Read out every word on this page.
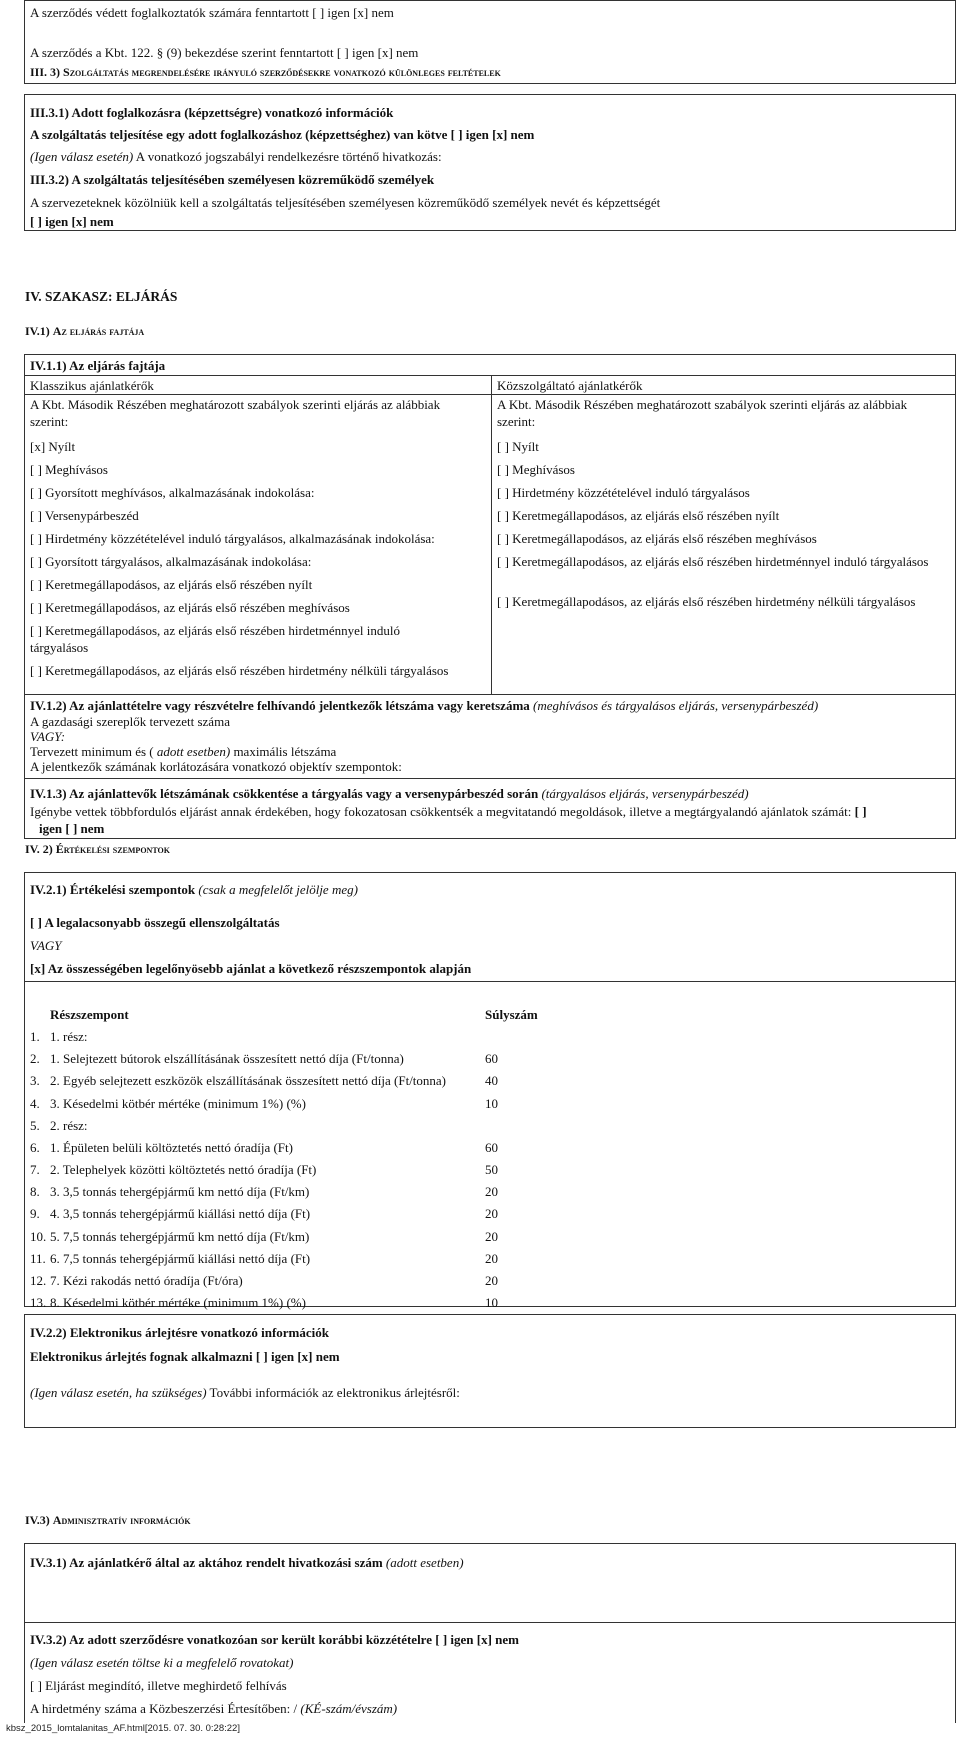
A szerződés védett foglalkoztatók számára fenntartott [ ] igen [x] nem
A szerződés a Kbt. 122. § (9) bekezdése szerint fenntartott [ ] igen [x] nem
III. 3) Szolgáltatás megrendelésére irányuló szerződésekre vonatkozó különleges feltételek
III.3.1) Adott foglalkozásra (képzettségre) vonatkozó információk
A szolgáltatás teljesítése egy adott foglalkozáshoz (képzettséghez) van kötve [ ] igen [x] nem
(Igen válasz esetén) A vonatkozó jogszabályi rendelkezésre történő hivatkozás:
III.3.2) A szolgáltatás teljesítésében személyesen közreműködő személyek
A szervezeteknek közölniük kell a szolgáltatás teljesítésében személyesen közreműködő személyek nevét és képzettségét
[ ] igen [x] nem
IV. SZAKASZ: ELJÁRÁS
IV.1) Az eljárás fajtája
IV.1.1) Az eljárás fajtája
Klasszikus ajánlatkérők
A Kbt. Második Részében meghatározott szabályok szerinti eljárás az alábbiak szerint:
[x] Nyílt
[ ] Meghívásos
[ ] Gyorsított meghívásos, alkalmazásának indokolása:
[ ] Versenypárbeszéd
[ ] Hirdetmény közzétételével induló tárgyalásos, alkalmazásának indokolása:
[ ] Gyorsított tárgyalásos, alkalmazásának indokolása:
[ ] Keretmegállapodásos, az eljárás első részében nyílt
[ ] Keretmegállapodásos, az eljárás első részében meghívásos
[ ] Keretmegállapodásos, az eljárás első részében hirdetménnyel induló tárgyalásos
[ ] Keretmegállapodásos, az eljárás első részében hirdetmény nélküli tárgyalásos
Közszolgáltató ajánlatkérők
A Kbt. Második Részében meghatározott szabályok szerinti eljárás az alábbiak szerint:
[ ] Nyílt
[ ] Meghívásos
[ ] Hirdetmény közzétételével induló tárgyalásos
[ ] Keretmegállapodásos, az eljárás első részében nyílt
[ ] Keretmegállapodásos, az eljárás első részében meghívásos
[ ] Keretmegállapodásos, az eljárás első részében hirdetménnyel induló tárgyalásos
[ ] Keretmegállapodásos, az eljárás első részében hirdetmény nélküli tárgyalásos
IV.1.2) Az ajánlattételre vagy részvételre felhívandó jelentkezők létszáma vagy keretszáma (meghívásos és tárgyalásos eljárás, versenypárbeszéd)
A gazdasági szereplők tervezett száma
VAGY:
Tervezett minimum és ( adott esetben) maximális létszáma
A jelentkezők számának korlátozására vonatkozó objektív szempontok:
IV.1.3) Az ajánlattevők létszámának csökkentése a tárgyalás vagy a versenypárbeszéd során (tárgyalásos eljárás, versenypárbeszéd)
Igénybe vettek többfordulós eljárást annak érdekében, hogy fokozatosan csökkentsék a megvitatandó megoldások, illetve a megtárgyalandó ajánlatok számát: [ ]
igen [ ] nem
IV. 2) Értékelési szempontok
IV.2.1) Értékelési szempontok (csak a megfelelőt jelölje meg)
[ ] A legalacsonyabb összegű ellenszolgáltatás
VAGY
[x] Az összességében legelőnyösebb ajánlat a következő részszempontok alapján
	Részszempont	Súlyszám
1.	1. rész:	
2.	1. Selejtezett bútorok elszállításának összesített nettó díja (Ft/tonna)	60
3.	2. Egyéb selejtezett eszközök elszállításának összesített nettó díja (Ft/tonna)	40
4.	3. Késedelmi kötbér mértéke (minimum 1%) (%)	10
5.	2. rész:	
6.	1. Épületen belüli költöztetés nettó óradíja (Ft)	60
7.	2. Telephelyek közötti költöztetés nettó óradíja (Ft)	50
8.	3. 3,5 tonnás tehergépjármű km nettó díja (Ft/km)	20
9.	4. 3,5 tonnás tehergépjármű kiállási nettó díja (Ft)	20
10.	5. 7,5 tonnás tehergépjármű km nettó díja (Ft/km)	20
11.	6. 7,5 tonnás tehergépjármű kiállási nettó díja (Ft)	20
12.	7. Kézi rakodás nettó óradíja (Ft/óra)	20
13.	8. Késedelmi kötbér mértéke (minimum 1%) (%)	10
IV.2.2) Elektronikus árlejtésre vonatkozó információk
Elektronikus árlejtés fognak alkalmazni [ ] igen [x] nem
(Igen válasz esetén, ha szükséges) További információk az elektronikus árlejtésről:
IV.3) Adminisztratív információk
IV.3.1) Az ajánlatkérő által az aktához rendelt hivatkozási szám (adott esetben)
IV.3.2) Az adott szerződésre vonatkozóan sor került korábbi közzétételre [ ] igen [x] nem
(Igen válasz esetén töltse ki a megfelelő rovatokat)
[ ] Eljárást megindító, illetve meghirdető felhívás
A hirdetmény száma a Közbeszerzési Értesítőben: / (KÉ-szám/évszám)
kbsz_2015_lomtalanitas_AF.html[2015. 07. 30. 0:28:22]
